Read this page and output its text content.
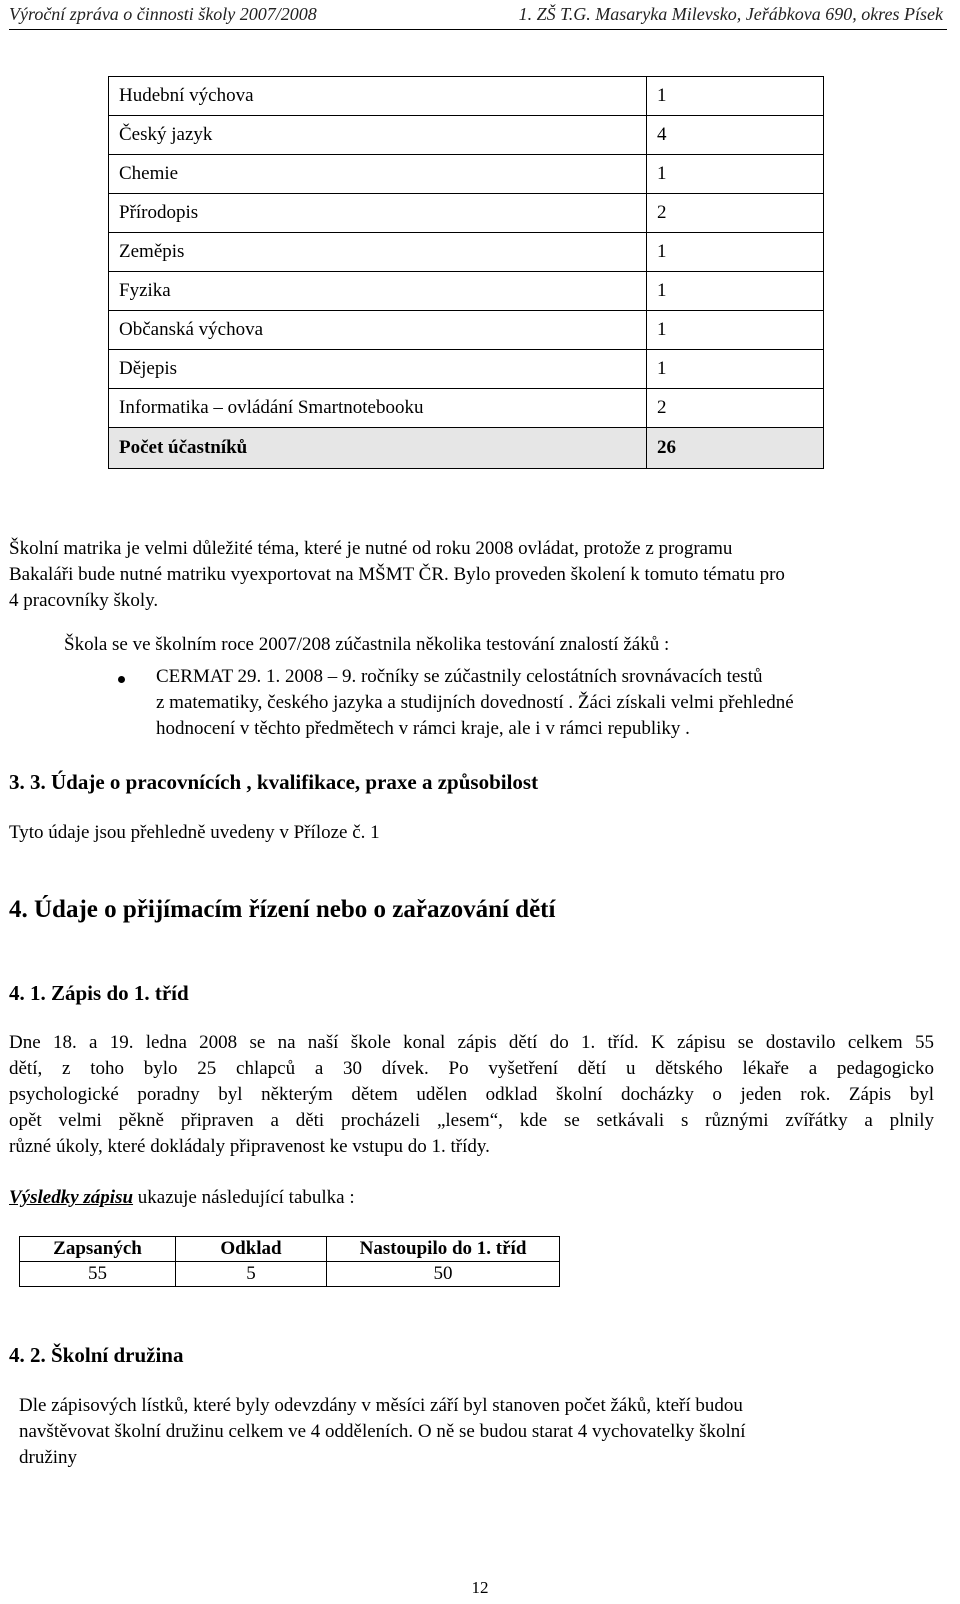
Výroční zpráva o činnosti školy 2007/2008	1. ZŠ T.G. Masaryka Milevsko, Jeřábkova 690, okres Písek
Hudební výchova	1
Český jazyk	4
Chemie	1
Přírodopis	2
Zeměpis	1
Fyzika	1
Občanská výchova	1
Dějepis	1
Informatika – ovládání Smartnotebooku	2
Počet účastníků	26
Školní matrika je velmi důležité téma, které je nutné od roku 2008 ovládat, protože z programu
Bakaláři bude nutné matriku vyexportovat na MŠMT ČR. Bylo proveden školení k tomuto tématu pro
4 pracovníky školy.
Škola se ve školním roce 2007/208 zúčastnila několika testování znalostí žáků :
CERMAT 29. 1. 2008 – 9. ročníky se zúčastnily celostátních srovnávacích testů
z matematiky, českého jazyka a studijních dovedností . Žáci získali velmi přehledné
hodnocení v těchto předmětech v rámci kraje, ale i v rámci republiky .
3. 3. Údaje o pracovnících , kvalifikace, praxe a způsobilost
Tyto údaje jsou přehledně uvedeny v Příloze č. 1
4. Údaje o přijímacím řízení nebo o zařazování dětí
4. 1. Zápis do 1. tříd
Dne 18. a 19. ledna 2008 se na naší škole konal zápis dětí do 1. tříd. K zápisu se dostavilo celkem 55
dětí, z toho bylo 25 chlapců a 30 dívek. Po vyšetření dětí u dětského lékaře a pedagogicko
psychologické poradny byl některým dětem udělen odklad školní docházky o jeden rok. Zápis byl
opět velmi pěkně připraven a děti procházeli „lesem“, kde se setkávali s různými zvířátky a plnily
různé úkoly, které dokládaly připravenost ke vstupu do 1. třídy.
Výsledky zápisu ukazuje následující tabulka :
Zapsaných	Odklad	Nastoupilo do 1. tříd
55	5	50
4. 2. Školní družina
Dle zápisových lístků, které byly odevzdány v měsíci září byl stanoven počet žáků, kteří budou
navštěvovat školní družinu celkem ve 4 odděleních. O ně se budou starat 4 vychovatelky školní
družiny
12
